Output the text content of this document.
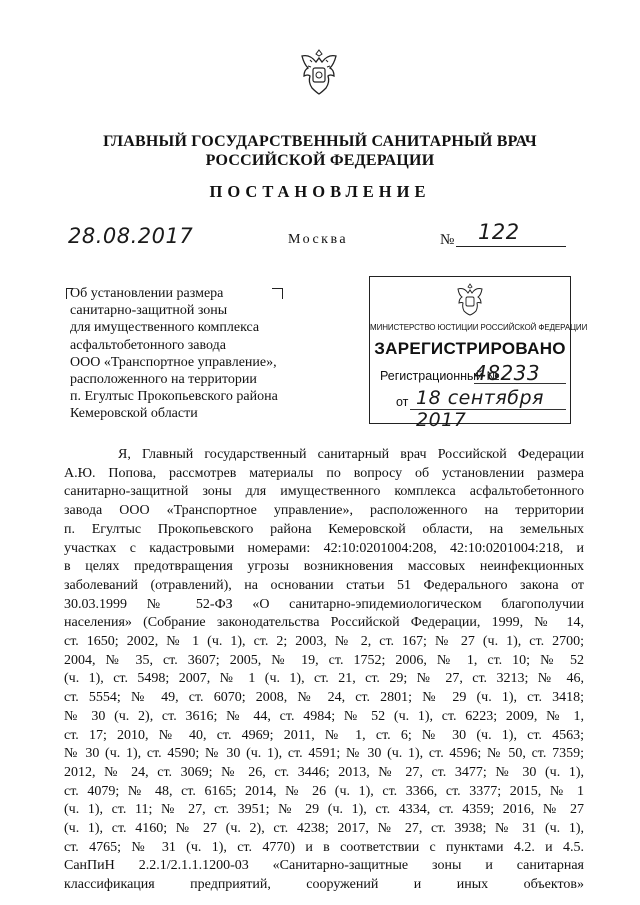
ГЛАВНЫЙ ГОСУДАРСТВЕННЫЙ САНИТАРНЫЙ ВРАЧ
РОССИЙСКОЙ ФЕДЕРАЦИИ
ПОСТАНОВЛЕНИЕ
28.08.2017	Москва	№ 122
Об установлении размера
санитарно-защитной зоны
для имущественного комплекса
асфальтобетонного завода
ООО «Транспортное управление»,
расположенного на территории
п. Егултыс Прокопьевского района
Кемеровской области
МИНИСТЕРСТВО ЮСТИЦИИ РОССИЙСКОЙ ФЕДЕРАЦИИ
ЗАРЕГИСТРИРОВАНО
Регистрационный №
48233
от 18 сентября 2017
Я, Главный государственный санитарный врач Российской Федерации
А.Ю. Попова, рассмотрев материалы по вопросу об установлении размера
санитарно-защитной зоны для имущественного комплекса асфальтобетонного
завода ООО «Транспортное управление», расположенного на территории
п. Егултыс Прокопьевского района Кемеровской области, на земельных
участках с кадастровыми номерами: 42:10:0201004:208, 42:10:0201004:218, и
в целях предотвращения угрозы возникновения массовых неинфекционных
заболеваний (отравлений), на основании статьи 51 Федерального закона от
30.03.1999 № 52-ФЗ «О санитарно-эпидемиологическом благополучии
населения» (Собрание законодательства Российской Федерации, 1999, № 14,
ст. 1650; 2002, № 1 (ч. 1), ст. 2; 2003, № 2, ст. 167; № 27 (ч. 1), ст. 2700;
2004, № 35, ст. 3607; 2005, № 19, ст. 1752; 2006, № 1, ст. 10; № 52
(ч. 1), ст. 5498; 2007, № 1 (ч. 1), ст. 21, ст. 29; № 27, ст. 3213; № 46,
ст. 5554; № 49, ст. 6070; 2008, № 24, ст. 2801; № 29 (ч. 1), ст. 3418;
№ 30 (ч. 2), ст. 3616; № 44, ст. 4984; № 52 (ч. 1), ст. 6223; 2009, № 1,
ст. 17; 2010, № 40, ст. 4969; 2011, № 1, ст. 6; № 30 (ч. 1), ст. 4563;
№ 30 (ч. 1), ст. 4590; № 30 (ч. 1), ст. 4591; № 30 (ч. 1), ст. 4596; № 50, ст. 7359;
2012, № 24, ст. 3069; № 26, ст. 3446; 2013, № 27, ст. 3477; № 30 (ч. 1),
ст. 4079; № 48, ст. 6165; 2014, № 26 (ч. 1), ст. 3366, ст. 3377; 2015, № 1
(ч. 1), ст. 11; № 27, ст. 3951; № 29 (ч. 1), ст. 4334, ст. 4359; 2016, № 27
(ч. 1), ст. 4160; № 27 (ч. 2), ст. 4238; 2017, № 27, ст. 3938; № 31 (ч. 1),
ст. 4765; № 31 (ч. 1), ст. 4770) и в соответствии с пунктами 4.2. и 4.5.
СанПиН 2.2.1/2.1.1.1200-03 «Санитарно-защитные зоны и санитарная
классификация предприятий, сооружений и иных объектов»
